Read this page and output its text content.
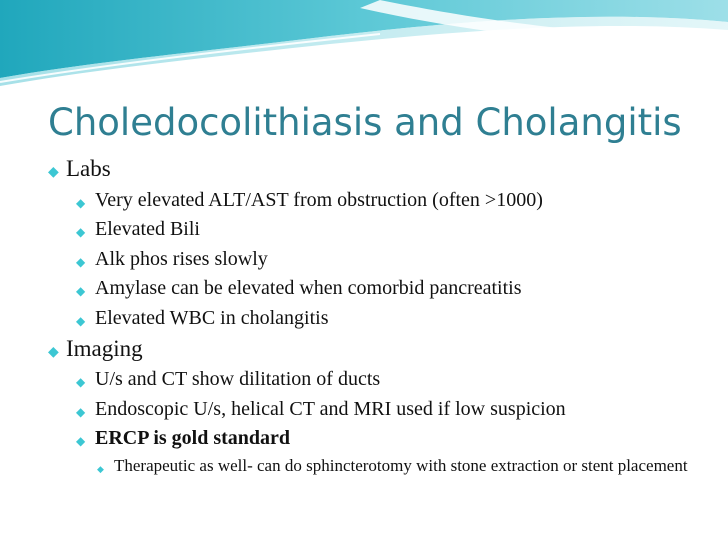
Choledocolithiasis and Cholangitis
◆ Labs
◆ Very elevated ALT/AST from obstruction (often >1000)
◆ Elevated Bili
◆ Alk phos rises slowly
◆ Amylase can be elevated when comorbid pancreatitis
◆ Elevated WBC in cholangitis
◆ Imaging
◆ U/s and CT show dilitation of ducts
◆ Endoscopic U/s, helical CT and MRI used if low suspicion
◆ ERCP is gold standard
◆ Therapeutic as well- can do sphincterotomy with stone extraction or stent placement
